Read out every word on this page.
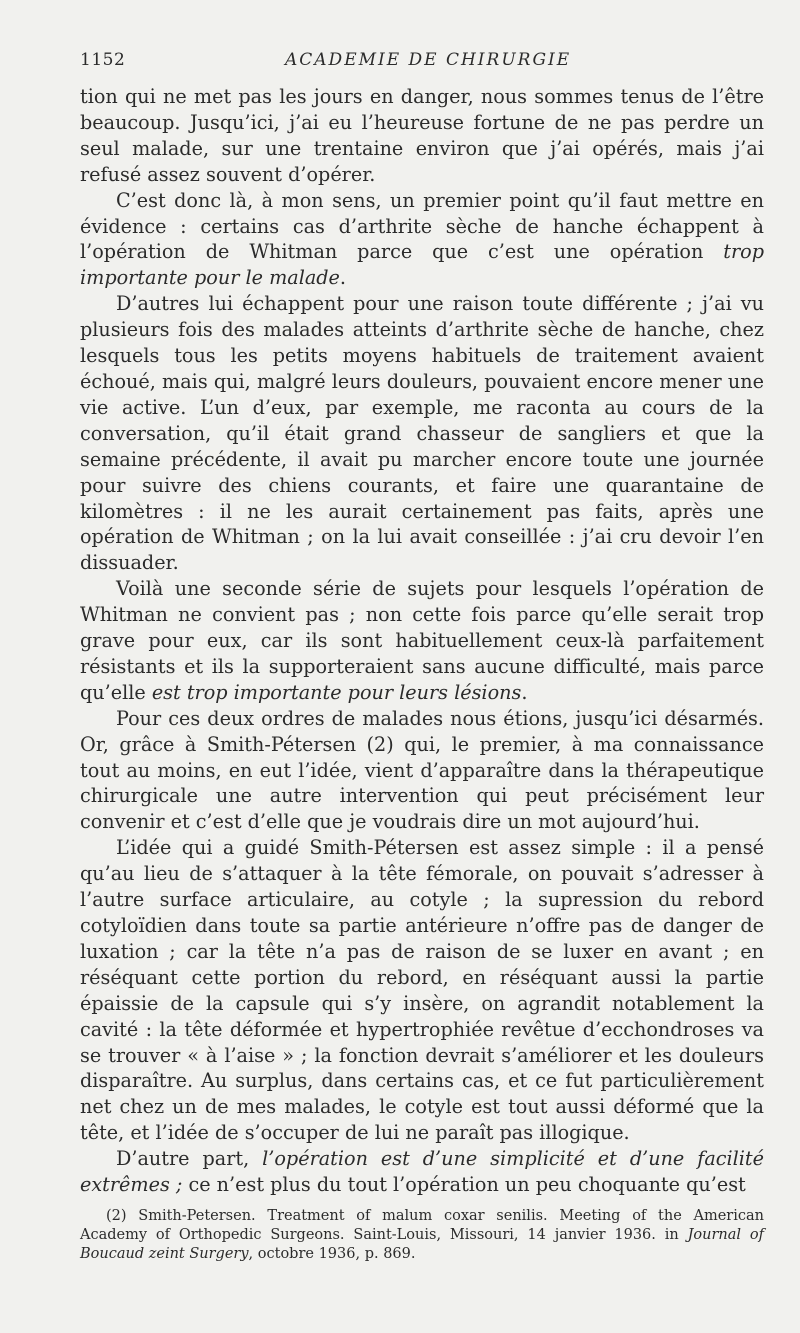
1152	ACADEMIE DE CHIRURGIE

tion qui ne met pas les jours en danger, nous sommes tenus de l’être beaucoup. Jusqu’ici, j’ai eu l’heureuse fortune de ne pas perdre un seul malade, sur une trentaine environ que j’ai opérés, mais j’ai refusé assez souvent d’opérer.

C’est donc là, à mon sens, un premier point qu’il faut mettre en évidence : certains cas d’arthrite sèche de hanche échappent à l’opération de Whitman parce que c’est une opération trop importante pour le malade.

D’autres lui échappent pour une raison toute différente ; j’ai vu plusieurs fois des malades atteints d’arthrite sèche de hanche, chez lesquels tous les petits moyens habituels de traitement avaient échoué, mais qui, malgré leurs douleurs, pouvaient encore mener une vie active. L’un d’eux, par exemple, me raconta au cours de la conversation, qu’il était grand chasseur de sangliers et que la semaine précédente, il avait pu marcher encore toute une journée pour suivre des chiens courants, et faire une quarantaine de kilomètres : il ne les aurait certainement pas faits, après une opération de Whitman ; on la lui avait conseillée : j’ai cru devoir l’en dissuader.

Voilà une seconde série de sujets pour lesquels l’opération de Whitman ne convient pas ; non cette fois parce qu’elle serait trop grave pour eux, car ils sont habituellement ceux-là parfaitement résistants et ils la supporteraient sans aucune difficulté, mais parce qu’elle est trop importante pour leurs lésions.

Pour ces deux ordres de malades nous étions, jusqu’ici désarmés. Or, grâce à Smith-Pétersen (2) qui, le premier, à ma connaissance tout au moins, en eut l’idée, vient d’apparaître dans la thérapeutique chirurgicale une autre intervention qui peut précisément leur convenir et c’est d’elle que je voudrais dire un mot aujourd’hui.

L’idée qui a guidé Smith-Pétersen est assez simple : il a pensé qu’au lieu de s’attaquer à la tête fémorale, on pouvait s’adresser à l’autre surface articulaire, au cotyle ; la supression du rebord cotyloïdien dans toute sa partie antérieure n’offre pas de danger de luxation ; car la tête n’a pas de raison de se luxer en avant ; en réséquant cette portion du rebord, en réséquant aussi la partie épaissie de la capsule qui s’y insère, on agrandit notablement la cavité : la tête déformée et hypertrophiée revêtue d’ecchondroses va se trouver « à l’aise » ; la fonction devrait s’améliorer et les douleurs disparaître. Au surplus, dans certains cas, et ce fut particulièrement net chez un de mes malades, le cotyle est tout aussi déformé que la tête, et l’idée de s’occuper de lui ne paraît pas illogique.

D’autre part, l’opération est d’une simplicité et d’une facilité extrêmes ; ce n’est plus du tout l’opération un peu choquante qu’est

(2) Smith-Petersen. Treatment of malum coxar senilis. Meeting of the American Academy of Orthopedic Surgeons. Saint-Louis, Missouri, 14 janvier 1936. in Journal of Boucaud zeint Surgery, octobre 1936, p. 869.
